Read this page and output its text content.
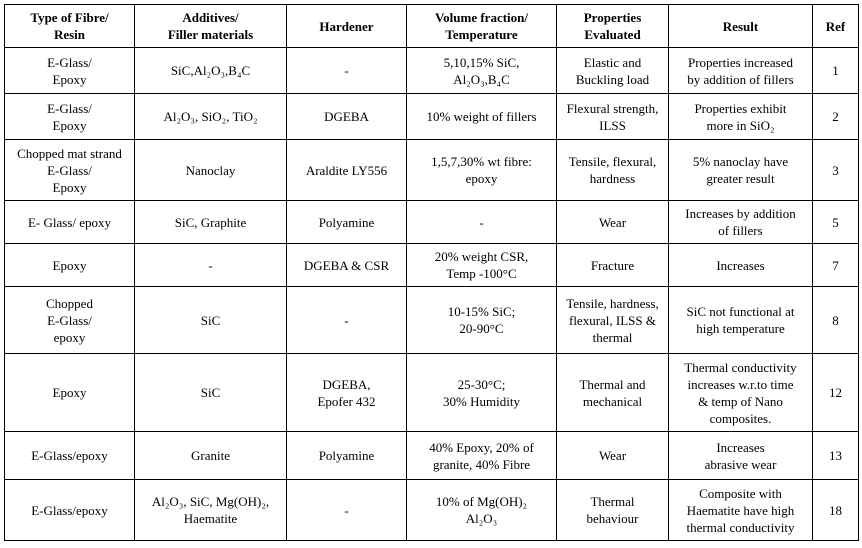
Type of Fibre/
Resin	Additives/
Filler materials	Hardener	Volume fraction/
Temperature	Properties
Evaluated	Result	Ref
E-Glass/
Epoxy	SiC,Al₂O₃,B₄C	-	5,10,15% SiC,
Al₂O₃,B₄C	Elastic and
Buckling load	Properties increased
by addition of fillers	1
E-Glass/
Epoxy	Al₂O₃, SiO₂, TiO₂	DGEBA	10% weight of fillers	Flexural strength,
ILSS	Properties exhibit
more in SiO₂	2
Chopped mat strand
E-Glass/
Epoxy	Nanoclay	Araldite LY556	1,5,7,30% wt fibre:
epoxy	Tensile, flexural,
hardness	5% nanoclay have
greater result	3
E- Glass/ epoxy	SiC, Graphite	Polyamine	-	Wear	Increases by addition
of fillers	5
Epoxy	-	DGEBA & CSR	20% weight CSR,
Temp -100°C	Fracture	Increases	7
Chopped
E-Glass/
epoxy	SiC	-	10-15% SiC;
20-90°C	Tensile, hardness,
flexural, ILSS &
thermal	SiC not functional at
high temperature	8
Epoxy	SiC	DGEBA,
Epofer 432	25-30°C;
30% Humidity	Thermal and
mechanical	Thermal conductivity
increases w.r.to time
& temp of Nano
composites.	12
E-Glass/epoxy	Granite	Polyamine	40% Epoxy, 20% of
granite, 40% Fibre	Wear	Increases
abrasive wear	13
E-Glass/epoxy	Al₂O₃, SiC, Mg(OH)₂,
Haematite	-	10% of Mg(OH)₂
Al₂O₃	Thermal
behaviour	Composite with
Haematite have high
thermal conductivity	18
